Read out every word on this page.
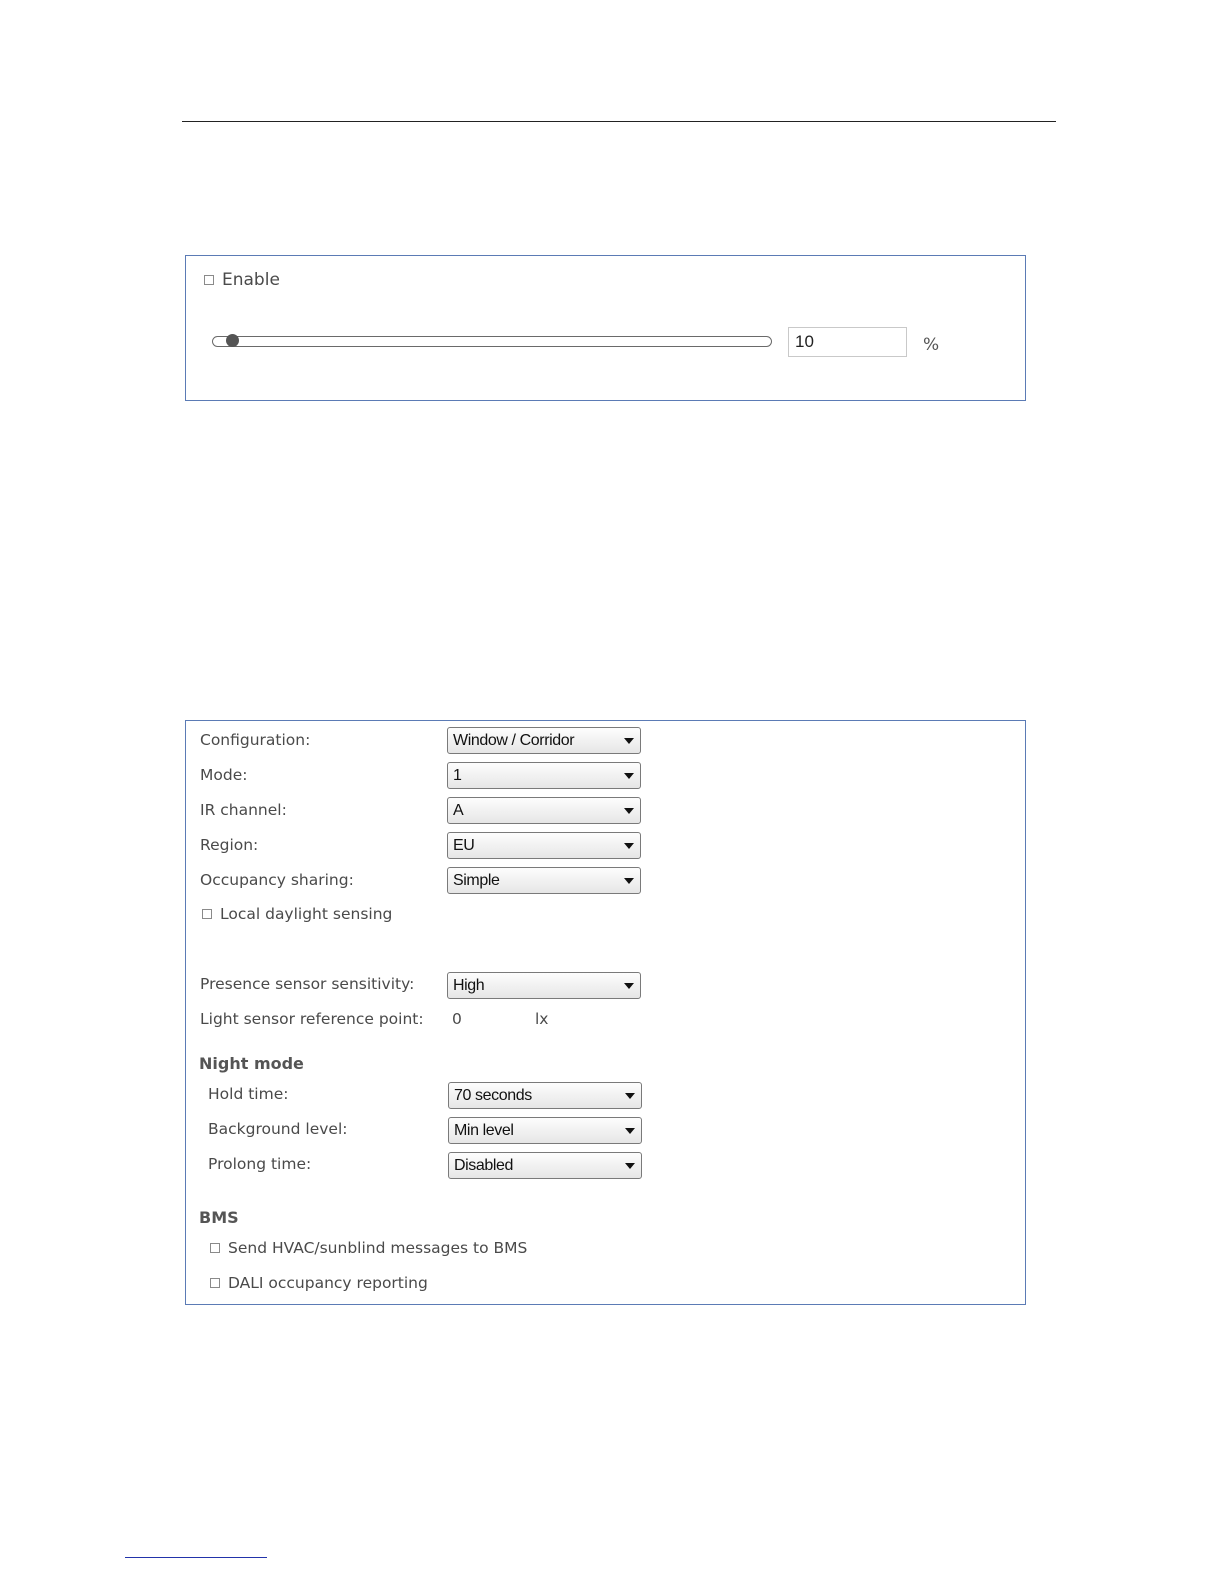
Enable
10
%
Configuration:	Window / Corridor
Mode:	1
IR channel:	A
Region:	EU
Occupancy sharing:	Simple
Local daylight sensing
Presence sensor sensitivity: High
Light sensor reference point: 0	lx
Night mode
Hold time:	70 seconds
Background level:	Min level
Prolong time:	Disabled
BMS
Send HVAC/sunblind messages to BMS
DALI occupancy reporting
